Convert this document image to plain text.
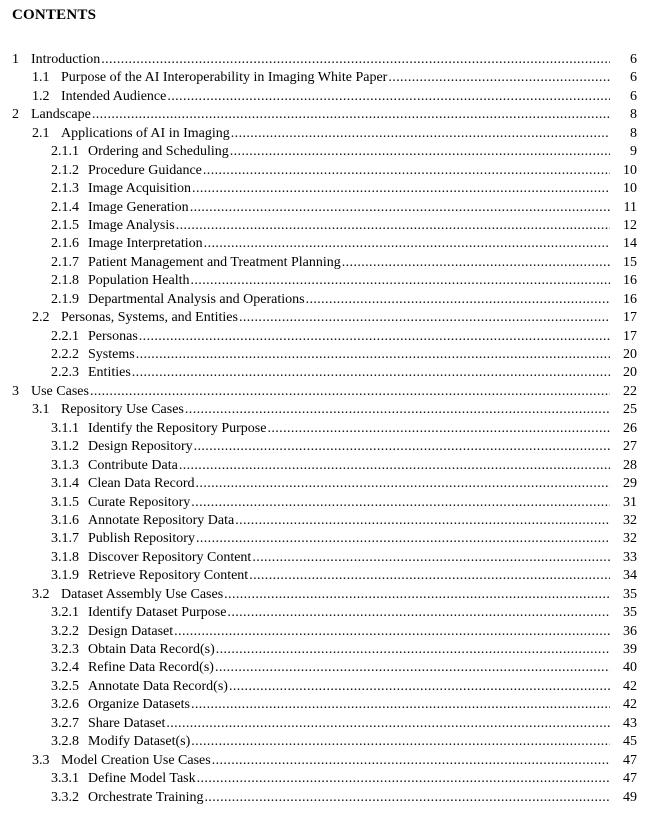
CONTENTS
1 Introduction .....	6
1.1 Purpose of the AI Interoperability in Imaging White Paper .....	6
1.2 Intended Audience .....	6
2 Landscape .....	8
2.1 Applications of AI in Imaging .....	8
2.1.1 Ordering and Scheduling .....	9
2.1.2 Procedure Guidance .....	10
2.1.3 Image Acquisition .....	10
2.1.4 Image Generation .....	11
2.1.5 Image Analysis .....	12
2.1.6 Image Interpretation .....	14
2.1.7 Patient Management and Treatment Planning .....	15
2.1.8 Population Health .....	16
2.1.9 Departmental Analysis and Operations .....	16
2.2 Personas, Systems, and Entities .....	17
2.2.1 Personas .....	17
2.2.2 Systems .....	20
2.2.3 Entities .....	20
3 Use Cases .....	22
3.1 Repository Use Cases .....	25
3.1.1 Identify the Repository Purpose .....	26
3.1.2 Design Repository .....	27
3.1.3 Contribute Data .....	28
3.1.4 Clean Data Record .....	29
3.1.5 Curate Repository .....	31
3.1.6 Annotate Repository Data .....	32
3.1.7 Publish Repository .....	32
3.1.8 Discover Repository Content .....	33
3.1.9 Retrieve Repository Content .....	34
3.2 Dataset Assembly Use Cases .....	35
3.2.1 Identify Dataset Purpose .....	35
3.2.2 Design Dataset .....	36
3.2.3 Obtain Data Record(s) .....	39
3.2.4 Refine Data Record(s) .....	40
3.2.5 Annotate Data Record(s) .....	42
3.2.6 Organize Datasets .....	42
3.2.7 Share Dataset .....	43
3.2.8 Modify Dataset(s) .....	45
3.3 Model Creation Use Cases .....	47
3.3.1 Define Model Task .....	47
3.3.2 Orchestrate Training .....	49
